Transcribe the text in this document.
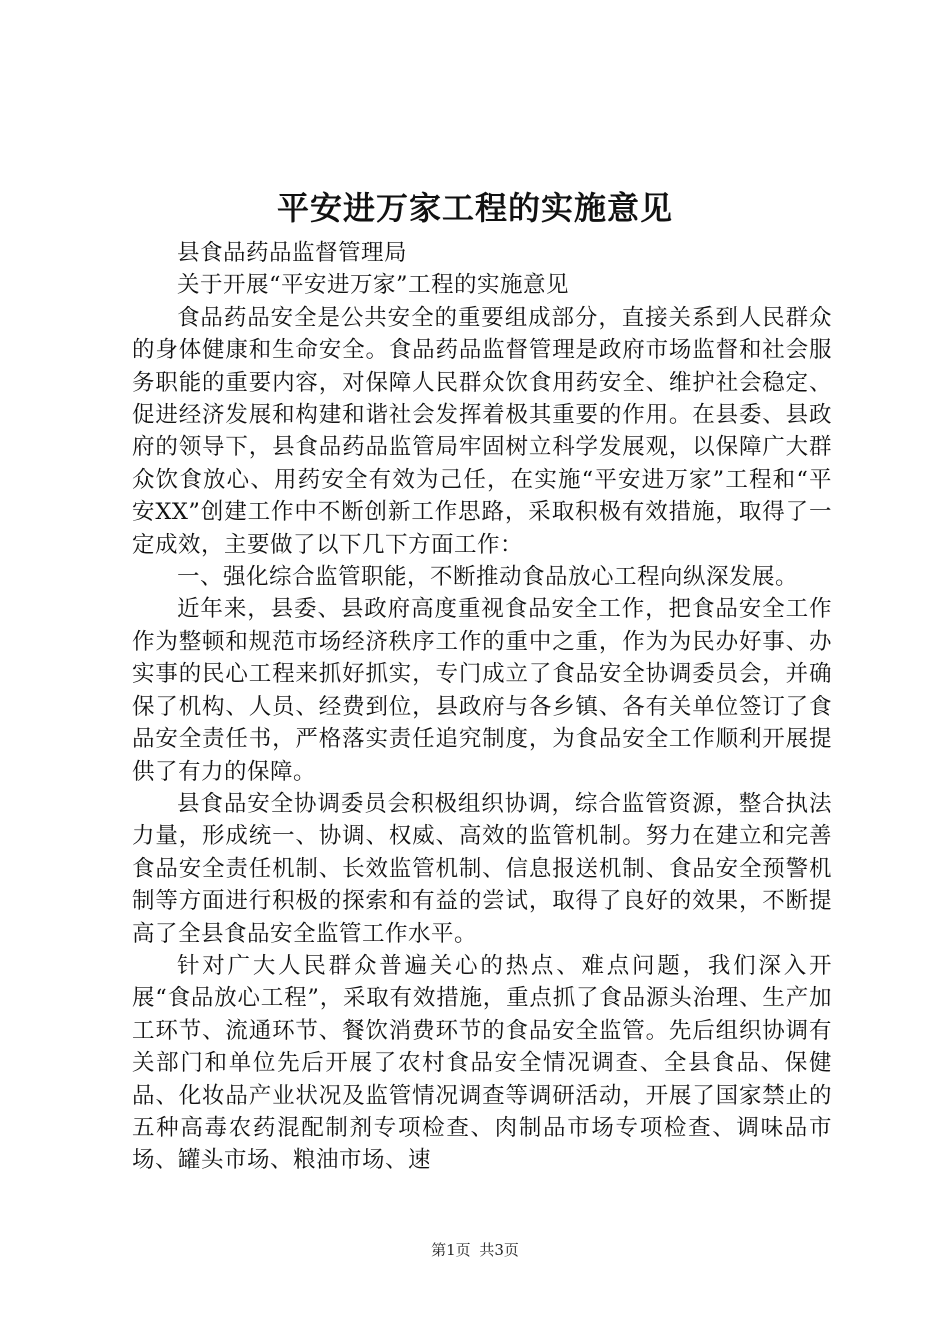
平安进万家工程的实施意见

县食品药品监督管理局

关于开展“平安进万家”工程的实施意见

食品药品安全是公共安全的重要组成部分，直接关系到人民群众的身体健康和生命安全。食品药品监督管理是政府市场监督和社会服务职能的重要内容，对保障人民群众饮食用药安全、维护社会稳定、促进经济发展和构建和谐社会发挥着极其重要的作用。在县委、县政府的领导下，县食品药品监管局牢固树立科学发展观，以保障广大群众饮食放心、用药安全有效为己任，在实施“平安进万家”工程和“平安XX”创建工作中不断创新工作思路，采取积极有效措施，取得了一定成效，主要做了以下几下方面工作：

一、强化综合监管职能，不断推动食品放心工程向纵深发展。

近年来，县委、县政府高度重视食品安全工作，把食品安全工作作为整顿和规范市场经济秩序工作的重中之重，作为为民办好事、办实事的民心工程来抓好抓实，专门成立了食品安全协调委员会，并确保了机构、人员、经费到位，县政府与各乡镇、各有关单位签订了食品安全责任书，严格落实责任追究制度，为食品安全工作顺利开展提供了有力的保障。

县食品安全协调委员会积极组织协调，综合监管资源，整合执法力量，形成统一、协调、权威、高效的监管机制。努力在建立和完善食品安全责任机制、长效监管机制、信息报送机制、食品安全预警机制等方面进行积极的探索和有益的尝试，取得了良好的效果，不断提高了全县食品安全监管工作水平。

针对广大人民群众普遍关心的热点、难点问题，我们深入开展“食品放心工程”，采取有效措施，重点抓了食品源头治理、生产加工环节、流通环节、餐饮消费环节的食品安全监管。先后组织协调有关部门和单位先后开展了农村食品安全情况调查、全县食品、保健品、化妆品产业状况及监管情况调查等调研活动，开展了国家禁止的五种高毒农药混配制剂专项检查、肉制品市场专项检查、调味品市场、罐头市场、粮油市场、速

第1页 共3页
